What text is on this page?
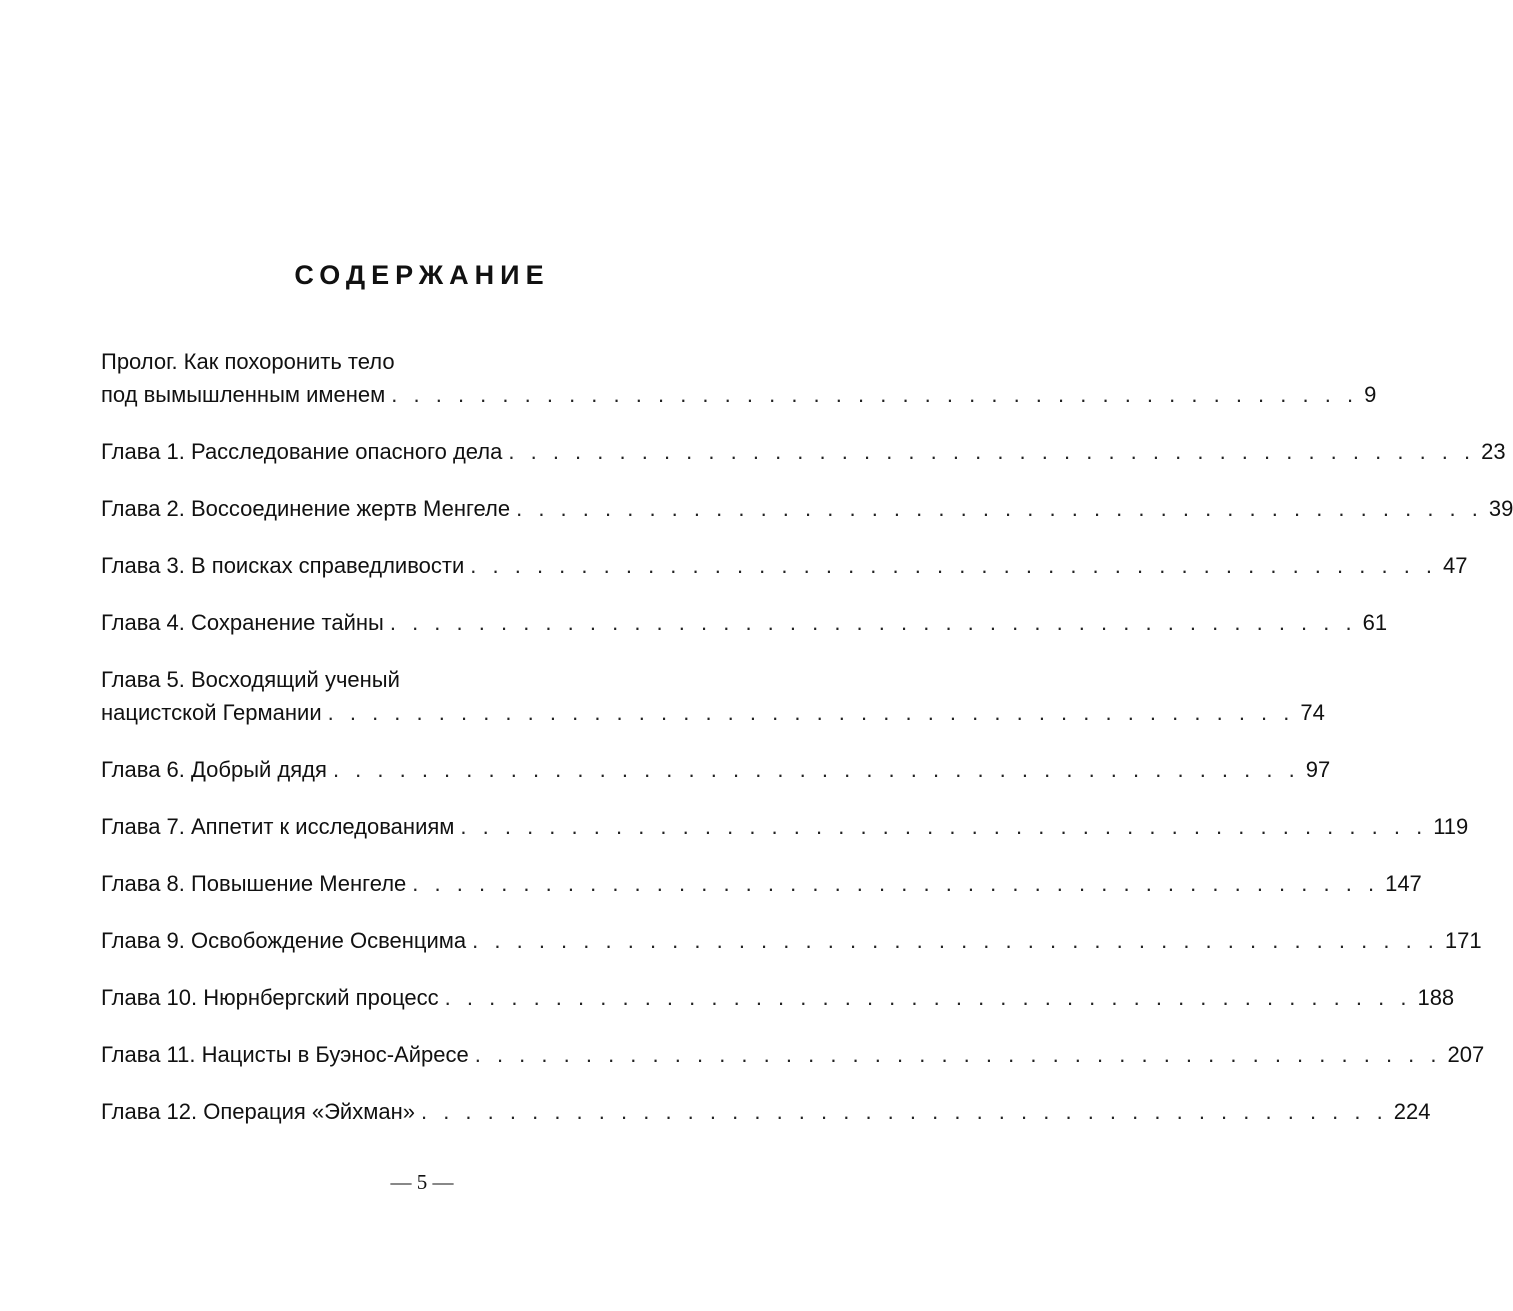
СОДЕРЖАНИЕ
Пролог. Как похоронить тело
под вымышленным именем . . . . . . . . . . . . . . . . . . . . . . . . . . . . . . . . . . . . . . . . . . . . 9
Глава 1. Расследование опасного дела . . . . . . . . . . . . . . . . . . . . . . . . . . . . . . . . . . . . . . . . . . . . 23
Глава 2. Воссоединение жертв Менгеле . . . . . . . . . . . . . . . . . . . . . . . . . . . . . . . . . . . . . . . . . . . . 39
Глава 3. В поисках справедливости . . . . . . . . . . . . . . . . . . . . . . . . . . . . . . . . . . . . . . . . . . . . 47
Глава 4. Сохранение тайны . . . . . . . . . . . . . . . . . . . . . . . . . . . . . . . . . . . . . . . . . . . . 61
Глава 5. Восходящий ученый
нацистской Германии . . . . . . . . . . . . . . . . . . . . . . . . . . . . . . . . . . . . . . . . . . . . 74
Глава 6. Добрый дядя . . . . . . . . . . . . . . . . . . . . . . . . . . . . . . . . . . . . . . . . . . . . 97
Глава 7. Аппетит к исследованиям . . . . . . . . . . . . . . . . . . . . . . . . . . . . . . . . . . . . . . . . . . . . 119
Глава 8. Повышение Менгеле . . . . . . . . . . . . . . . . . . . . . . . . . . . . . . . . . . . . . . . . . . . . 147
Глава 9. Освобождение Освенцима . . . . . . . . . . . . . . . . . . . . . . . . . . . . . . . . . . . . . . . . . . . . 171
Глава 10. Нюрнбергский процесс . . . . . . . . . . . . . . . . . . . . . . . . . . . . . . . . . . . . . . . . . . . . 188
Глава 11. Нацисты в Буэнос-Айресе . . . . . . . . . . . . . . . . . . . . . . . . . . . . . . . . . . . . . . . . . . . . 207
Глава 12. Операция «Эйхман» . . . . . . . . . . . . . . . . . . . . . . . . . . . . . . . . . . . . . . . . . . . . 224
— 5 —
